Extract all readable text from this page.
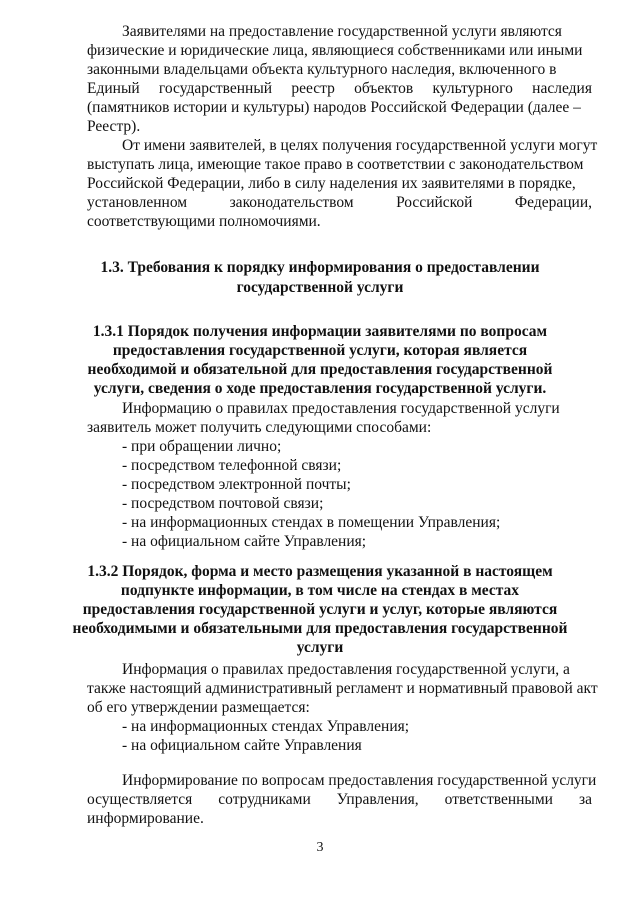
Заявителями на предоставление государственной услуги являются
физические и юридические лица, являющиеся собственниками или иными
законными владельцами объекта культурного наследия, включенного в
Единый государственный реестр объектов культурного наследия
(памятников истории и культуры) народов Российской Федерации (далее –
Реестр).
От имени заявителей, в целях получения государственной услуги могут
выступать лица, имеющие такое право в соответствии с законодательством
Российской Федерации, либо в силу наделения их заявителями в порядке,
установленном	законодательством	Российской	Федерации,
соответствующими полномочиями.
1.3. Требования к порядку информирования о предоставлении
государственной услуги
1.3.1 Порядок получения информации заявителями по вопросам
предоставления государственной услуги, которая является
необходимой и обязательной для предоставления государственной
услуги, сведения о ходе предоставления государственной услуги.
Информацию о правилах предоставления государственной услуги
заявитель может получить следующими способами:
- при обращении лично;
- посредством телефонной связи;
- посредством электронной почты;
- посредством почтовой связи;
- на информационных стендах в помещении Управления;
- на официальном сайте Управления;
1.3.2 Порядок, форма и место размещения указанной в настоящем
подпункте информации, в том числе на стендах в местах
предоставления государственной услуги и услуг, которые являются
необходимыми и обязательными для предоставления государственной
услуги
Информация о правилах предоставления государственной услуги, а
также настоящий административный регламент и нормативный правовой акт
об его утверждении размещается:
- на информационных стендах Управления;
- на официальном сайте Управления
Информирование по вопросам предоставления государственной услуги
осуществляется сотрудниками Управления, ответственными за
информирование.
3
